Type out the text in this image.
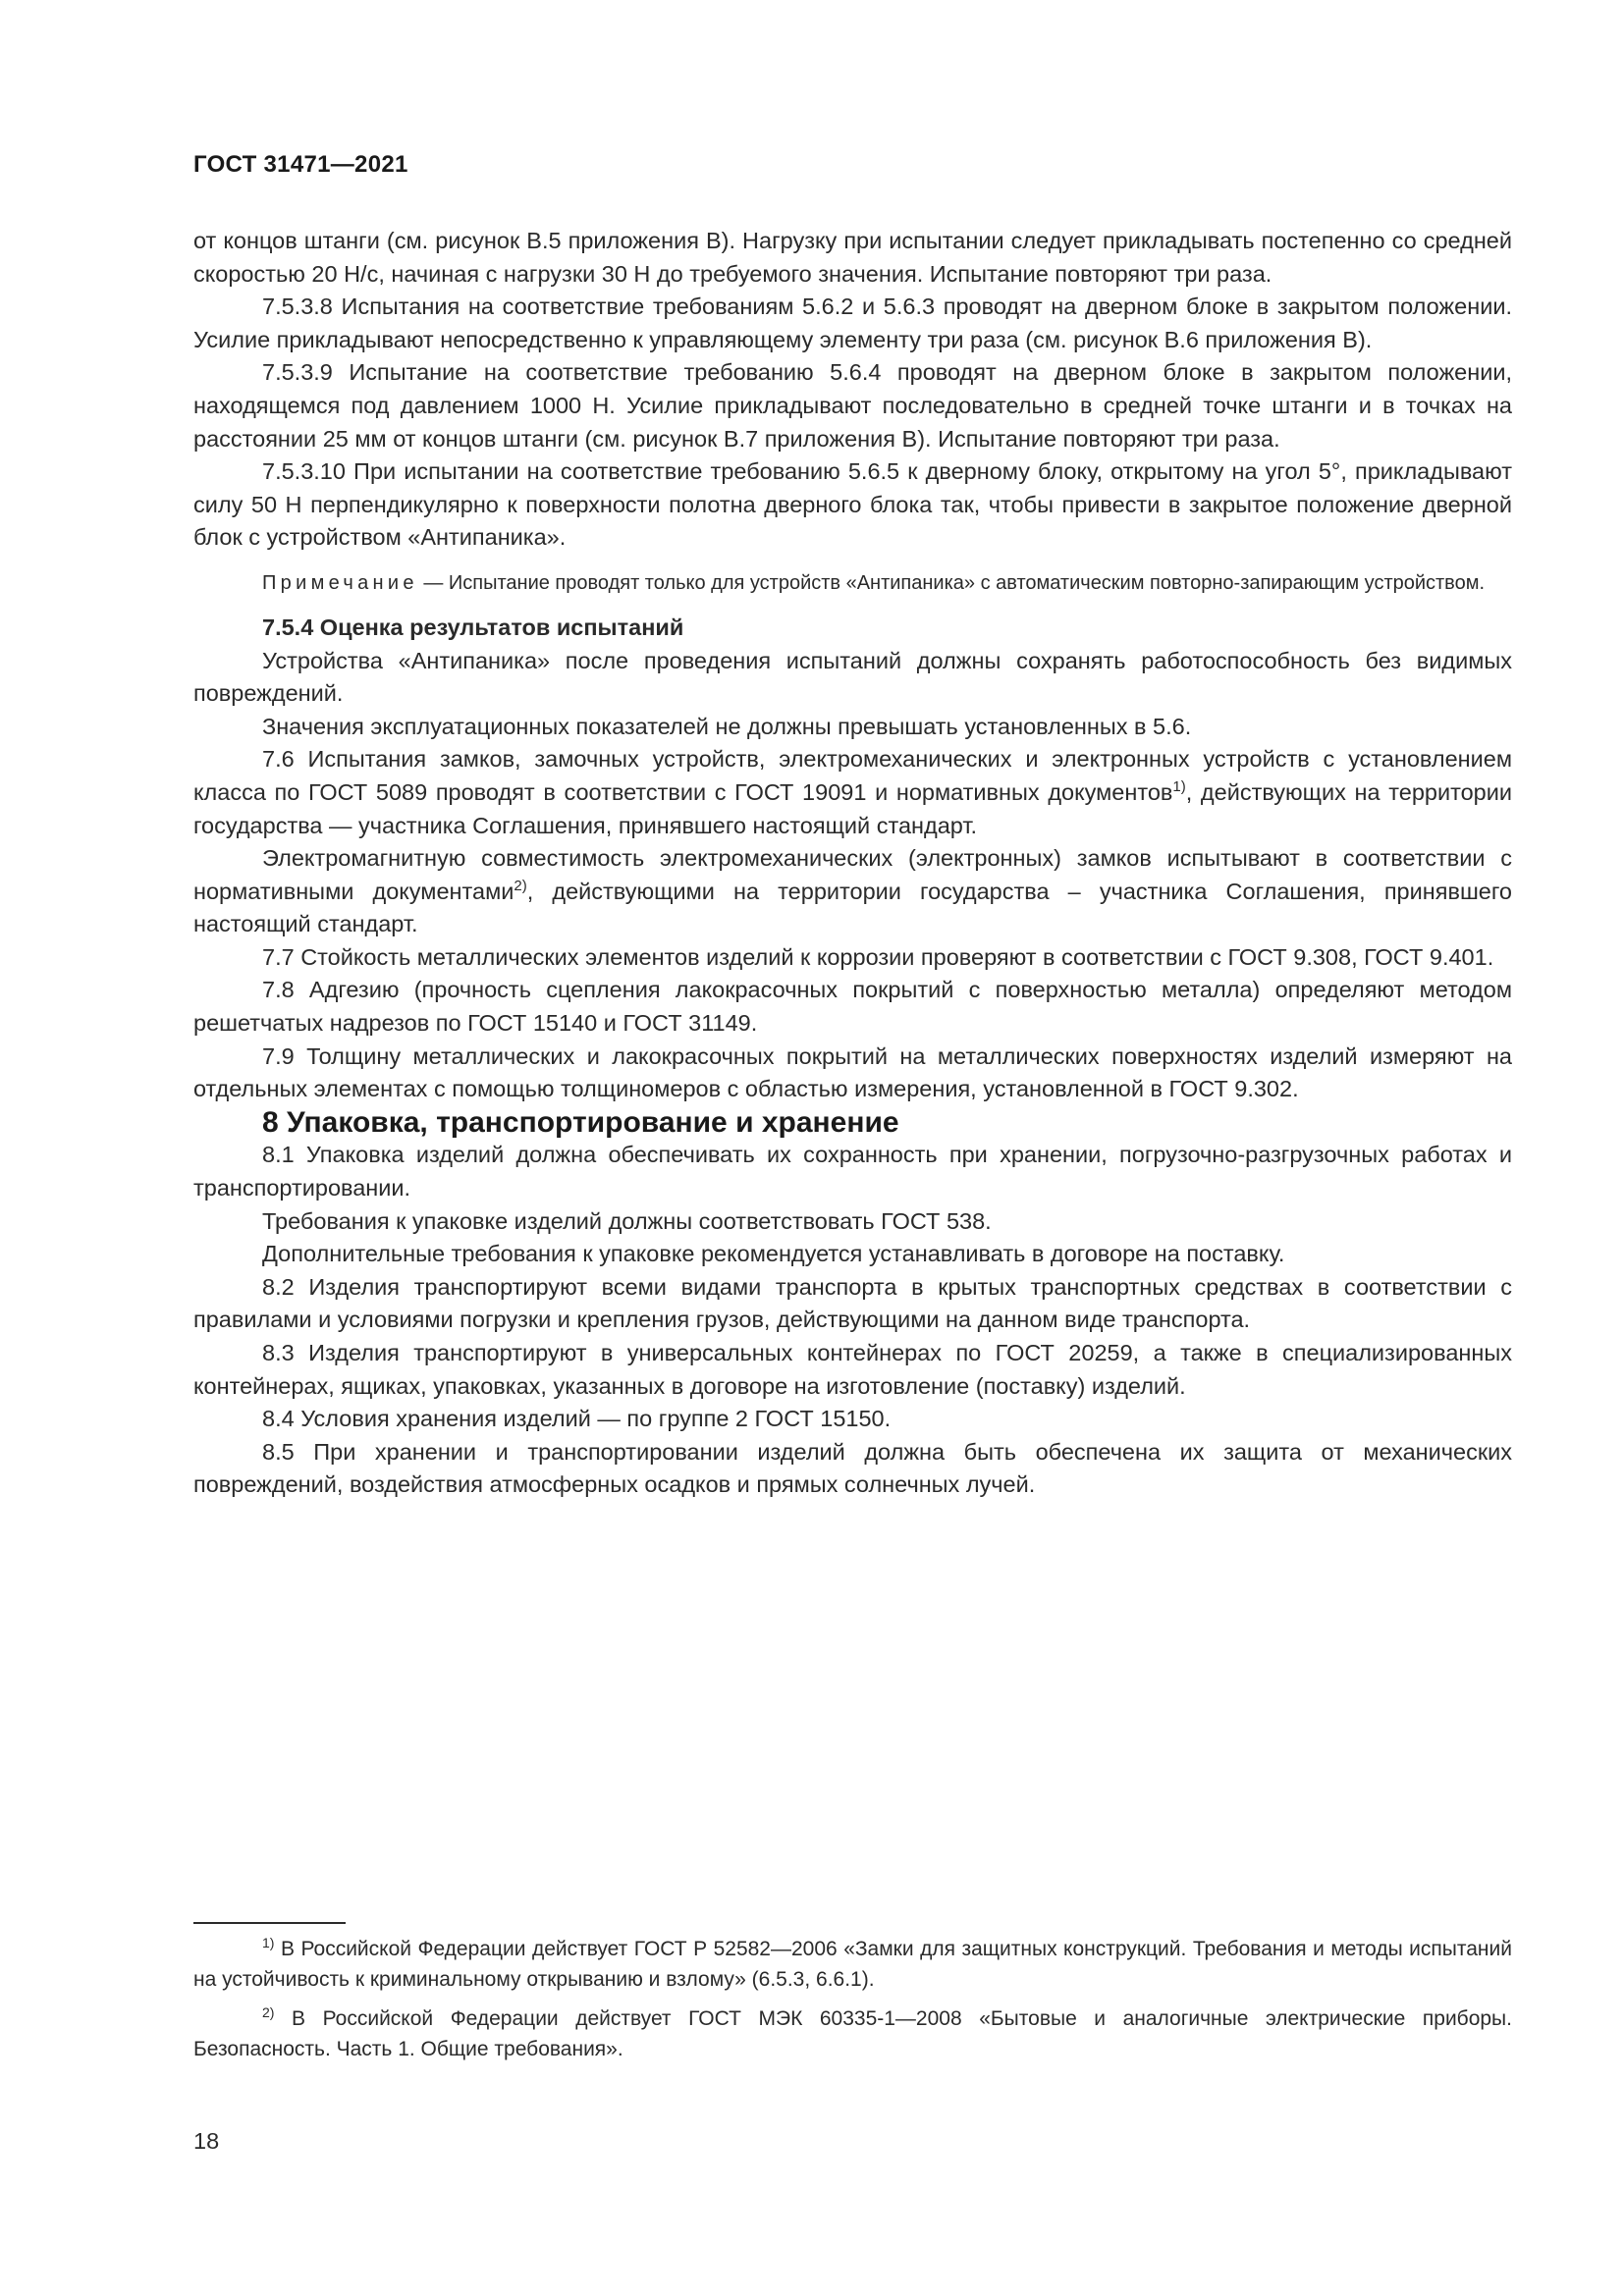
ГОСТ 31471—2021

от концов штанги (см. рисунок В.5 приложения В). Нагрузку при испытании следует прикладывать постепенно со средней скоростью 20 Н/с, начиная с нагрузки 30 Н до требуемого значения. Испытание повторяют три раза.

7.5.3.8 Испытания на соответствие требованиям 5.6.2 и 5.6.3 проводят на дверном блоке в закрытом положении. Усилие прикладывают непосредственно к управляющему элементу три раза (см. рисунок В.6 приложения В).

7.5.3.9 Испытание на соответствие требованию 5.6.4 проводят на дверном блоке в закрытом положении, находящемся под давлением 1000 Н. Усилие прикладывают последовательно в средней точке штанги и в точках на расстоянии 25 мм от концов штанги (см. рисунок В.7 приложения В). Испытание повторяют три раза.

7.5.3.10 При испытании на соответствие требованию 5.6.5 к дверному блоку, открытому на угол 5°, прикладывают силу 50 Н перпендикулярно к поверхности полотна дверного блока так, чтобы привести в закрытое положение дверной блок с устройством «Антипаника».

Примечание — Испытание проводят только для устройств «Антипаника» с автоматическим повторно-запирающим устройством.

7.5.4 Оценка результатов испытаний

Устройства «Антипаника» после проведения испытаний должны сохранять работоспособность без видимых повреждений.

Значения эксплуатационных показателей не должны превышать установленных в 5.6.

7.6 Испытания замков, замочных устройств, электромеханических и электронных устройств с установлением класса по ГОСТ 5089 проводят в соответствии с ГОСТ 19091 и нормативных документов$^{1)}$, действующих на территории государства — участника Соглашения, принявшего настоящий стандарт.

Электромагнитную совместимость электромеханических (электронных) замков испытывают в соответствии с нормативными документами$^{2)}$, действующими на территории государства – участника Соглашения, принявшего настоящий стандарт.

7.7 Стойкость металлических элементов изделий к коррозии проверяют в соответствии с ГОСТ 9.308, ГОСТ 9.401.

7.8 Адгезию (прочность сцепления лакокрасочных покрытий с поверхностью металла) определяют методом решетчатых надрезов по ГОСТ 15140 и ГОСТ 31149.

7.9 Толщину металлических и лакокрасочных покрытий на металлических поверхностях изделий измеряют на отдельных элементах с помощью толщиномеров с областью измерения, установленной в ГОСТ 9.302.

8 Упаковка, транспортирование и хранение

8.1 Упаковка изделий должна обеспечивать их сохранность при хранении, погрузочно-разгрузочных работах и транспортировании.

Требования к упаковке изделий должны соответствовать ГОСТ 538.

Дополнительные требования к упаковке рекомендуется устанавливать в договоре на поставку.

8.2 Изделия транспортируют всеми видами транспорта в крытых транспортных средствах в соответствии с правилами и условиями погрузки и крепления грузов, действующими на данном виде транспорта.

8.3 Изделия транспортируют в универсальных контейнерах по ГОСТ 20259, а также в специализированных контейнерах, ящиках, упаковках, указанных в договоре на изготовление (поставку) изделий.

8.4 Условия хранения изделий — по группе 2 ГОСТ 15150.

8.5 При хранении и транспортировании изделий должна быть обеспечена их защита от механических повреждений, воздействия атмосферных осадков и прямых солнечных лучей.

$^{1)}$ В Российской Федерации действует ГОСТ Р 52582—2006 «Замки для защитных конструкций. Требования и методы испытаний на устойчивость к криминальному открыванию и взлому» (6.5.3, 6.6.1).

$^{2)}$ В Российской Федерации действует ГОСТ МЭК 60335-1—2008 «Бытовые и аналогичные электрические приборы. Безопасность. Часть 1. Общие требования».

18
